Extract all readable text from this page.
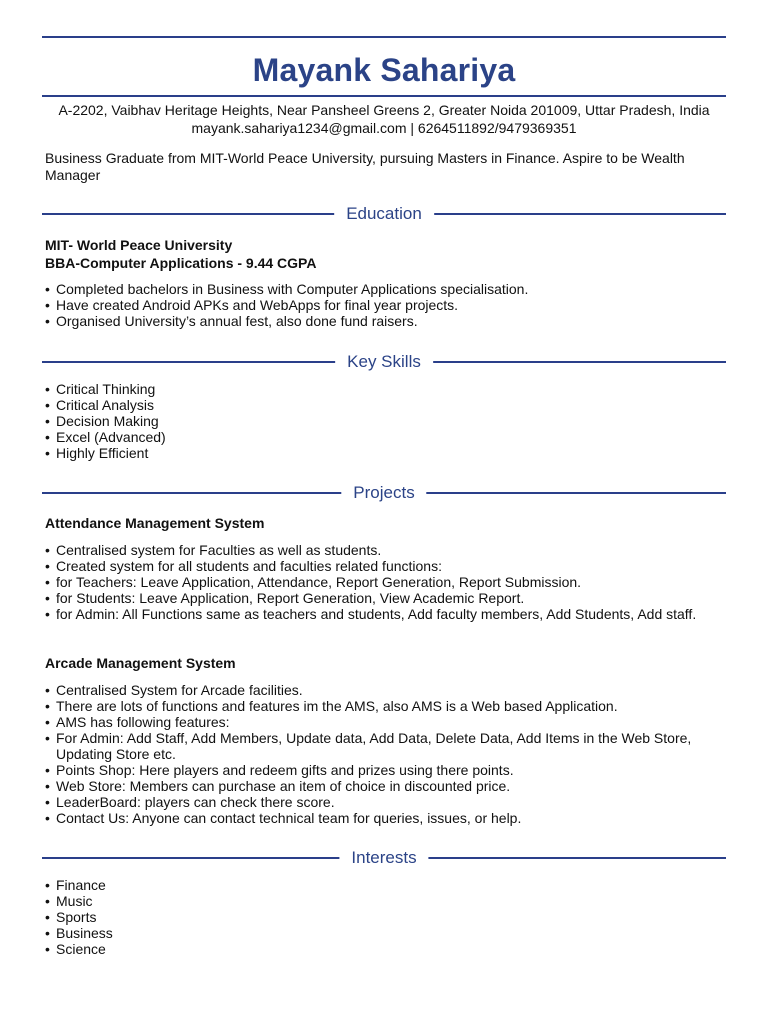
Mayank Sahariya
A-2202, Vaibhav Heritage Heights, Near Pansheel Greens 2, Greater Noida 201009, Uttar Pradesh, India
mayank.sahariya1234@gmail.com | 6264511892/9479369351
Business Graduate from MIT-World Peace University, pursuing Masters in Finance. Aspire to be Wealth Manager
Education
MIT- World Peace University
BBA-Computer Applications - 9.44 CGPA
• Completed bachelors in Business with Computer Applications specialisation.
• Have created Android APKs and WebApps for final year projects.
• Organised University’s annual fest, also done fund raisers.
Key Skills
• Critical Thinking
• Critical Analysis
• Decision Making
• Excel (Advanced)
• Highly Efficient
Projects
Attendance Management System
• Centralised system for Faculties as well as students.
• Created system for all students and faculties related functions:
• for Teachers: Leave Application, Attendance, Report Generation, Report Submission.
• for Students: Leave Application, Report Generation, View Academic Report.
• for Admin: All Functions same as teachers and students, Add faculty members, Add Students, Add staff.
Arcade Management System
• Centralised System for Arcade facilities.
• There are lots of functions and features im the AMS, also AMS is a Web based Application.
• AMS has following features:
• For Admin: Add Staff, Add Members, Update data, Add Data, Delete Data, Add Items in the Web Store, Updating Store etc.
• Points Shop: Here players and redeem gifts and prizes using there points.
• Web Store: Members can purchase an item of choice in discounted price.
• LeaderBoard: players can check there score.
• Contact Us: Anyone can contact technical team for queries, issues, or help.
Interests
• Finance
• Music
• Sports
• Business
• Science
